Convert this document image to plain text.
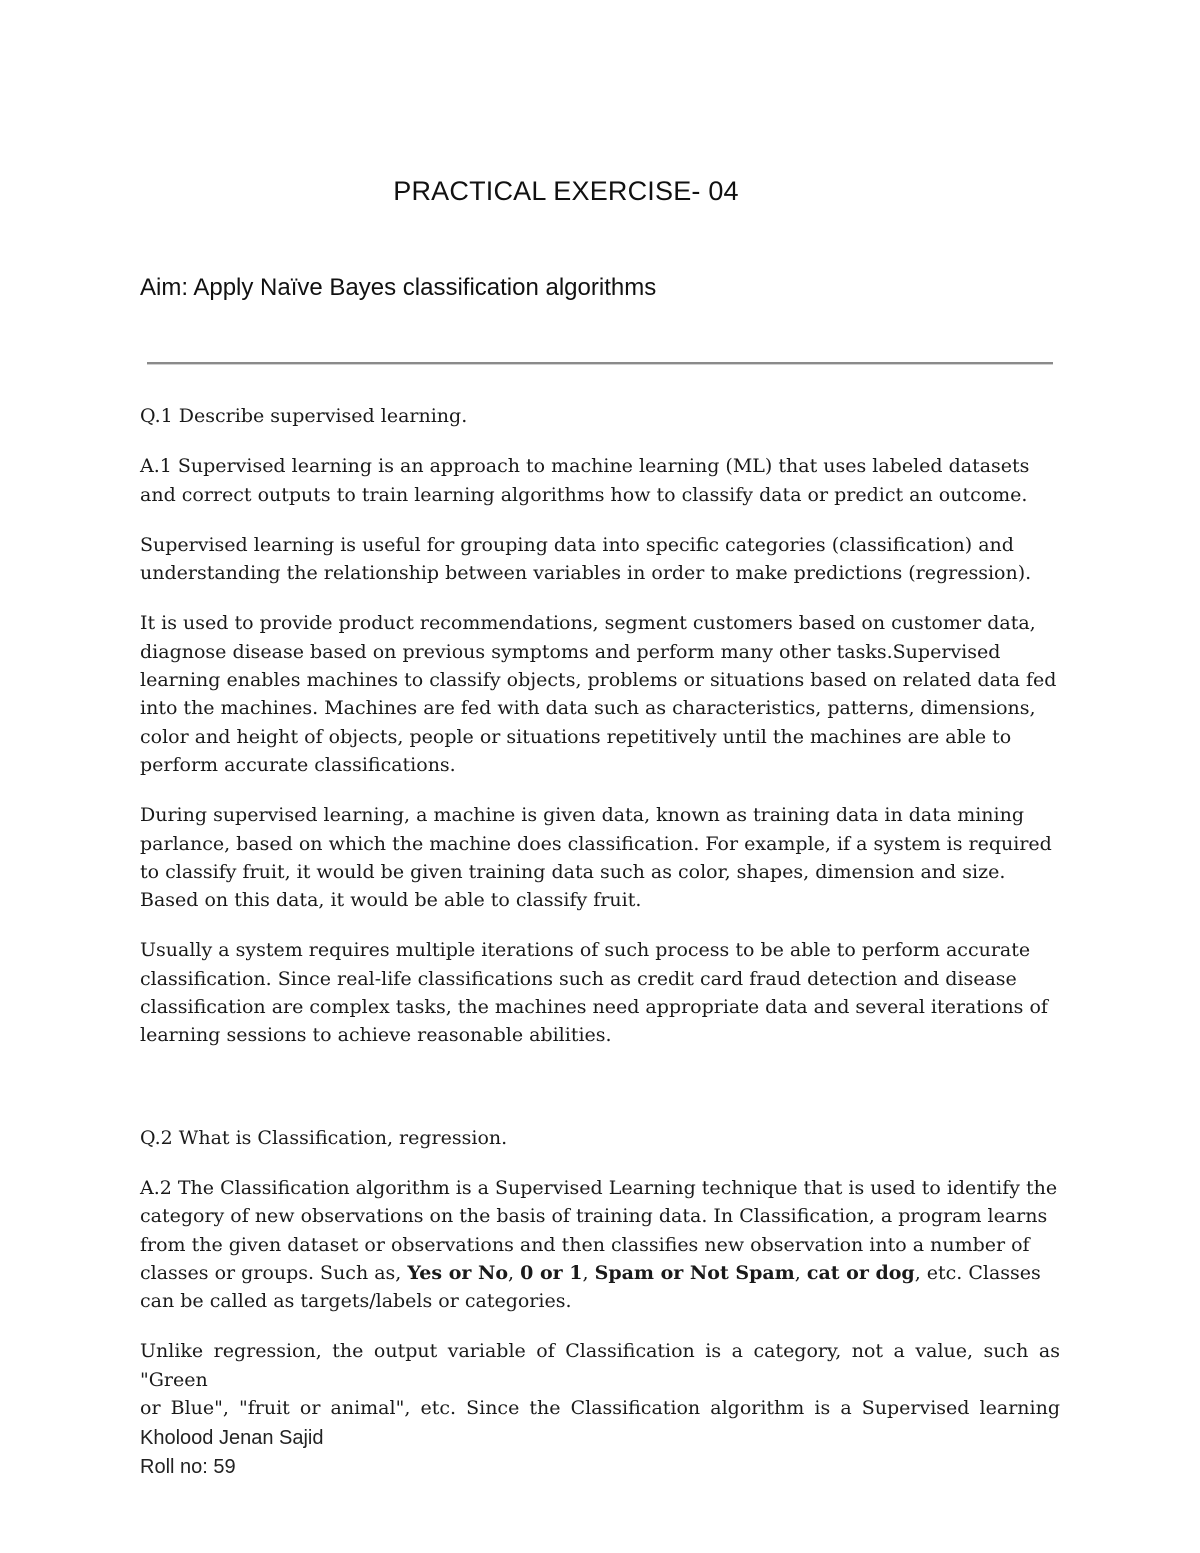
PRACTICAL EXERCISE- 04
Aim: Apply Naïve Bayes classification algorithms

Q.1 Describe supervised learning.

A.1 Supervised learning is an approach to machine learning (ML) that uses labeled datasets and correct outputs to train learning algorithms how to classify data or predict an outcome.

Supervised learning is useful for grouping data into specific categories (classification) and understanding the relationship between variables in order to make predictions (regression).

It is used to provide product recommendations, segment customers based on customer data, diagnose disease based on previous symptoms and perform many other tasks.Supervised learning enables machines to classify objects, problems or situations based on related data fed into the machines. Machines are fed with data such as characteristics, patterns, dimensions, color and height of objects, people or situations repetitively until the machines are able to perform accurate classifications.

During supervised learning, a machine is given data, known as training data in data mining parlance, based on which the machine does classification. For example, if a system is required to classify fruit, it would be given training data such as color, shapes, dimension and size. Based on this data, it would be able to classify fruit.

Usually a system requires multiple iterations of such process to be able to perform accurate classification. Since real-life classifications such as credit card fraud detection and disease classification are complex tasks, the machines need appropriate data and several iterations of learning sessions to achieve reasonable abilities.

Q.2 What is Classification, regression.

A.2 The Classification algorithm is a Supervised Learning technique that is used to identify the category of new observations on the basis of training data. In Classification, a program learns from the given dataset or observations and then classifies new observation into a number of classes or groups. Such as, Yes or No, 0 or 1, Spam or Not Spam, cat or dog, etc. Classes can be called as targets/labels or categories.

Unlike regression, the output variable of Classification is a category, not a value, such as "Green

or Blue", "fruit or animal", etc. Since the Classification algorithm is a Supervised learning

Kholood Jenan Sajid
Roll no: 59
